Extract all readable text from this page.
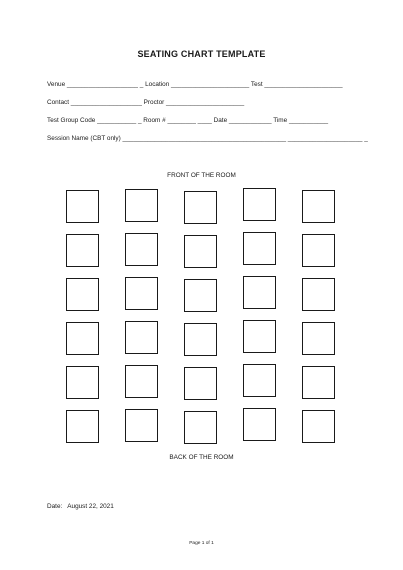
SEATING CHART TEMPLATE
Venue ____________________ _ Location ______________________ Test ______________________
Contact ____________________ Proctor ______________________
Test Group Code ___________ _ Room # ________ ____ Date ____________ Time ___________
Session Name (CBT only) ______________________________________________ _____________________ _
FRONT OF THE ROOM
BACK OF THE ROOM
Date:   August 22, 2021
Page 1 of 1
